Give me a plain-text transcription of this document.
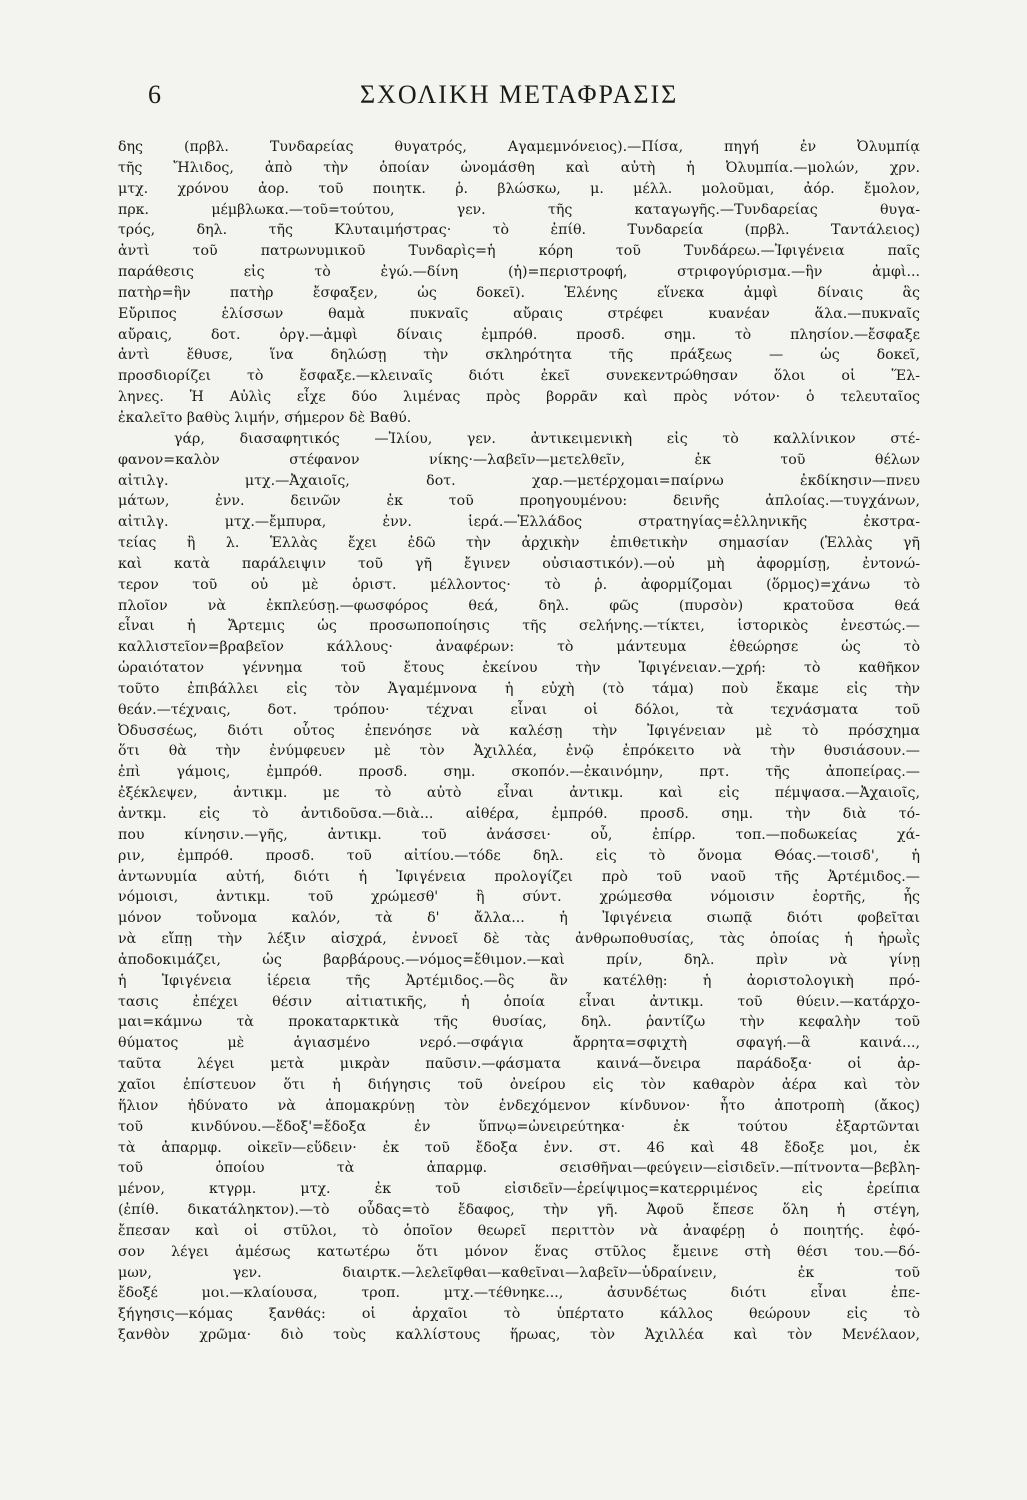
6	ΣΧΟΛΙΚΗ ΜΕΤΑΦΡΑΣΙΣ
δης (πρβλ. Τυνδαρείας θυγατρός, Αγαμεμνόνειος).—Πίσα, πηγή ἐν Ὀλυμπίᾳ
τῆς Ἤλιδος, ἀπὸ τὴν ὁποίαν ὠνομάσθη καὶ αὐτὴ ἡ Ὀλυμπία.—μολών, χρν.
μτχ. χρόνου ἀορ. τοῦ ποιητκ. ῥ. βλώσκω, μ. μέλλ. μολοῦμαι, ἀόρ. ἔμολον,
πρκ. μέμβλωκα.—τοῦ=τούτου, γεν. τῆς καταγωγῆς.—Τυνδαρείας θυγα-
τρός, δηλ. τῆς Κλυταιμήστρας· τὸ ἐπίθ. Τυνδαρεία (πρβλ. Ταντάλειος)
ἀντὶ τοῦ πατρωνυμικοῦ Τυνδαρὶς=ἡ κόρη τοῦ Τυνδάρεω.—Ἰφιγένεια παῖς
παράθεσις εἰς τὸ ἐγώ.—δίνη (ἡ)=περιστροφή, στριφογύρισμα.—ἣν ἀμφὶ...
πατὴρ=ἣν πατὴρ ἔσφαξεν, ὡς δοκεῖ). Ἑλένης εἵνεκα ἀμφὶ δίναις ἃς
Εὔριπος ἑλίσσων θαμὰ πυκναῖς αὔραις στρέφει κυανέαν ἅλα.—πυκναῖς
αὔραις, δοτ. ὀργ.—ἀμφὶ δίναις ἐμπρόθ. προσδ. σημ. τὸ πλησίον.—ἔσφαξε
ἀντὶ ἔθυσε, ἵνα δηλώσῃ τὴν σκληρότητα τῆς πράξεως — ὡς δοκεῖ,
προσδιορίζει τὸ ἔσφαξε.—κλειναῖς διότι ἐκεῖ συνεκεντρώθησαν ὅλοι οἱ Ἕλ-
ληνες. Ἡ Αὐλὶς εἶχε δύο λιμένας πρὸς βορρᾶν καὶ πρὸς νότον· ὁ τελευταῖος
ἐκαλεῖτο βαθὺς λιμήν, σήμερον δὲ Βαθύ.
γάρ, διασαφητικός —Ἰλίου, γεν. ἀντικειμενικὴ εἰς τὸ καλλίνικον στέ-
φανον=καλὸν στέφανον νίκης·—λαβεῖν—μετελθεῖν, ἐκ τοῦ θέλων
αἰτιλγ. μτχ.—Ἀχαιοῖς, δοτ. χαρ.—μετέρχομαι=παίρνω ἐκδίκησιν—πνευ
μάτων, ἐνν. δεινῶν ἐκ τοῦ προηγουμένου: δεινῆς ἀπλοίας.—τυγχάνων,
αἰτιλγ. μτχ.—ἔμπυρα, ἐνν. ἱερά.—Ἑλλάδος στρατηγίας=ἑλληνικῆς ἐκστρα-
τείας ἢ λ. Ἑλλὰς ἔχει ἐδῶ τὴν ἀρχικὴν ἐπιθετικὴν σημασίαν (Ἑλλὰς γῆ
καὶ κατὰ παράλειψιν τοῦ γῆ ἔγινεν οὐσιαστικόν).—οὐ μὴ ἀφορμίσῃ, ἐντονώ-
τερον τοῦ οὐ μὲ ὁριστ. μέλλοντος· τὸ ῥ. ἀφορμίζομαι (ὅρμος)=χάνω τὸ
πλοῖον νὰ ἐκπλεύσῃ.—φωσφόρος θεά, δηλ. φῶς (πυρσὸν) κρατοῦσα θεά
εἶναι ἡ Ἄρτεμις ὡς προσωποποίησις τῆς σελήνης.—τίκτει, ἱστορικὸς ἐνεστώς.—
καλλιστεῖον=βραβεῖον κάλλους· ἀναφέρων: τὸ μάντευμα ἐθεώρησε ὡς τὸ
ὡραιότατον γέννημα τοῦ ἔτους ἐκείνου τὴν Ἰφιγένειαν.—χρή: τὸ καθῆκον
τοῦτο ἐπιβάλλει εἰς τὸν Ἀγαμέμνονα ἡ εὐχὴ (τὸ τάμα) ποὺ ἔκαμε εἰς τὴν
θεάν.—τέχναις, δοτ. τρόπου· τέχναι εἶναι οἱ δόλοι, τὰ τεχνάσματα τοῦ
Ὀδυσσέως, διότι οὗτος ἐπενόησε νὰ καλέσῃ τὴν Ἰφιγένειαν μὲ τὸ πρόσχημα
ὅτι θὰ τὴν ἐνύμφευεν μὲ τὸν Ἀχιλλέα, ἐνῷ ἐπρόκειτο νὰ τὴν θυσιάσουν.—
ἐπὶ γάμοις, ἐμπρόθ. προσδ. σημ. σκοπόν.—ἐκαινόμην, πρτ. τῆς ἀποπείρας.—
ἐξέκλεψεν, ἀντικμ. με τὸ αὐτὸ εἶναι ἀντικμ. καὶ εἰς πέμψασα.—Ἀχαιοῖς,
ἀντκμ. εἰς τὸ ἀντιδοῦσα.—διὰ... αἰθέρα, ἐμπρόθ. προσδ. σημ. τὴν διὰ τό-
που κίνησιν.—γῆς, ἀντικμ. τοῦ ἀνάσσει· οὗ, ἐπίρρ. τοπ.—ποδωκείας χά-
ριν, ἐμπρόθ. προσδ. τοῦ αἰτίου.—τόδε δηλ. εἰς τὸ ὄνομα Θόας.—τοισδ', ἡ
ἀντωνυμία αὐτή, διότι ἡ Ἰφιγένεια προλογίζει πρὸ τοῦ ναοῦ τῆς Ἀρτέμιδος.—
νόμοισι, ἀντικμ. τοῦ χρώμεσθ' ἢ σύντ. χρώμεσθα νόμοισιν ἑορτῆς, ἧς
μόνον τοὔνομα καλόν, τὰ δ' ἄλλα... ἡ Ἰφιγένεια σιωπᾷ διότι φοβεῖται
νὰ εἴπῃ τὴν λέξιν αἰσχρά, ἐννοεῖ δὲ τὰς ἀνθρωποθυσίας, τὰς ὁποίας ἡ ἡρωῒς
ἀποδοκιμάζει, ὡς βαρβάρους.—νόμος=ἔθιμον.—καὶ πρίν, δηλ. πρὶν νὰ γίνῃ
ἡ Ἰφιγένεια ἱέρεια τῆς Ἀρτέμιδος.—ὃς ἂν κατέλθῃ: ἡ ἀοριστολογικὴ πρό-
τασις ἐπέχει θέσιν αἰτιατικῆς, ἡ ὁποία εἶναι ἀντικμ. τοῦ θύειν.—κατάρχο-
μαι=κάμνω τὰ προκαταρκτικὰ τῆς θυσίας, δηλ. ῥαντίζω τὴν κεφαλὴν τοῦ
θύματος μὲ ἁγιασμένο νερό.—σφάγια ἄρρητα=σφιχτὴ σφαγή.—ἃ καινά...,
ταῦτα λέγει μετὰ μικρὰν παῦσιν.—φάσματα καινά—ὄνειρα παράδοξα· οἱ ἀρ-
χαῖοι ἐπίστευον ὅτι ἡ διήγησις τοῦ ὀνείρου εἰς τὸν καθαρὸν ἀέρα καὶ τὸν
ἥλιον ἠδύνατο νὰ ἀπομακρύνῃ τὸν ἐνδεχόμενον κίνδυνον· ἦτο ἀποτροπὴ (ἄκος)
τοῦ κινδύνου.—ἔδοξ'=ἔδοξα ἐν ὕπνῳ=ὠνειρεύτηκα· ἐκ τούτου ἐξαρτῶνται
τὰ ἀπαρμφ. οἰκεῖν—εὕδειν· ἐκ τοῦ ἔδοξα ἐνν. στ. 46 καὶ 48 ἔδοξε μοι, ἐκ
τοῦ ὁποίου τὰ ἀπαρμφ. σεισθῆναι—φεύγειν—εἰσιδεῖν.—πίτνοντα—βεβλη-
μένον, κτγρμ. μτχ. ἐκ τοῦ εἰσιδεῖν—ἐρείψιμος=κατερριμένος εἰς ἐρείπια
(ἐπίθ. δικατάληκτον).—τὸ οὖδας=τὸ ἔδαφος, τὴν γῆ. Ἀφοῦ ἔπεσε ὅλη ἡ στέγη,
ἔπεσαν καὶ οἱ στῦλοι, τὸ ὁποῖον θεωρεῖ περιττὸν νὰ ἀναφέρῃ ὁ ποιητής. ἐφό-
σον λέγει ἀμέσως κατωτέρω ὅτι μόνον ἕνας στῦλος ἔμεινε στὴ θέσι του.—δό-
μων, γεν. διαιρτκ.—λελεῖφθαι—καθεῖναι—λαβεῖν—ὑδραίνειν, ἐκ τοῦ
ἔδοξέ μοι.—κλαίουσα, τροπ. μτχ.—τέθνηκε..., ἀσυνδέτως διότι εἶναι ἐπε-
ξήγησις—κόμας ξανθάς: οἱ ἀρχαῖοι τὸ ὑπέρτατο κάλλος θεώρουν εἰς τὸ
ξανθὸν χρῶμα· διὸ τοὺς καλλίστους ἥρωας, τὸν Ἀχιλλέα καὶ τὸν Μενέλαον,
